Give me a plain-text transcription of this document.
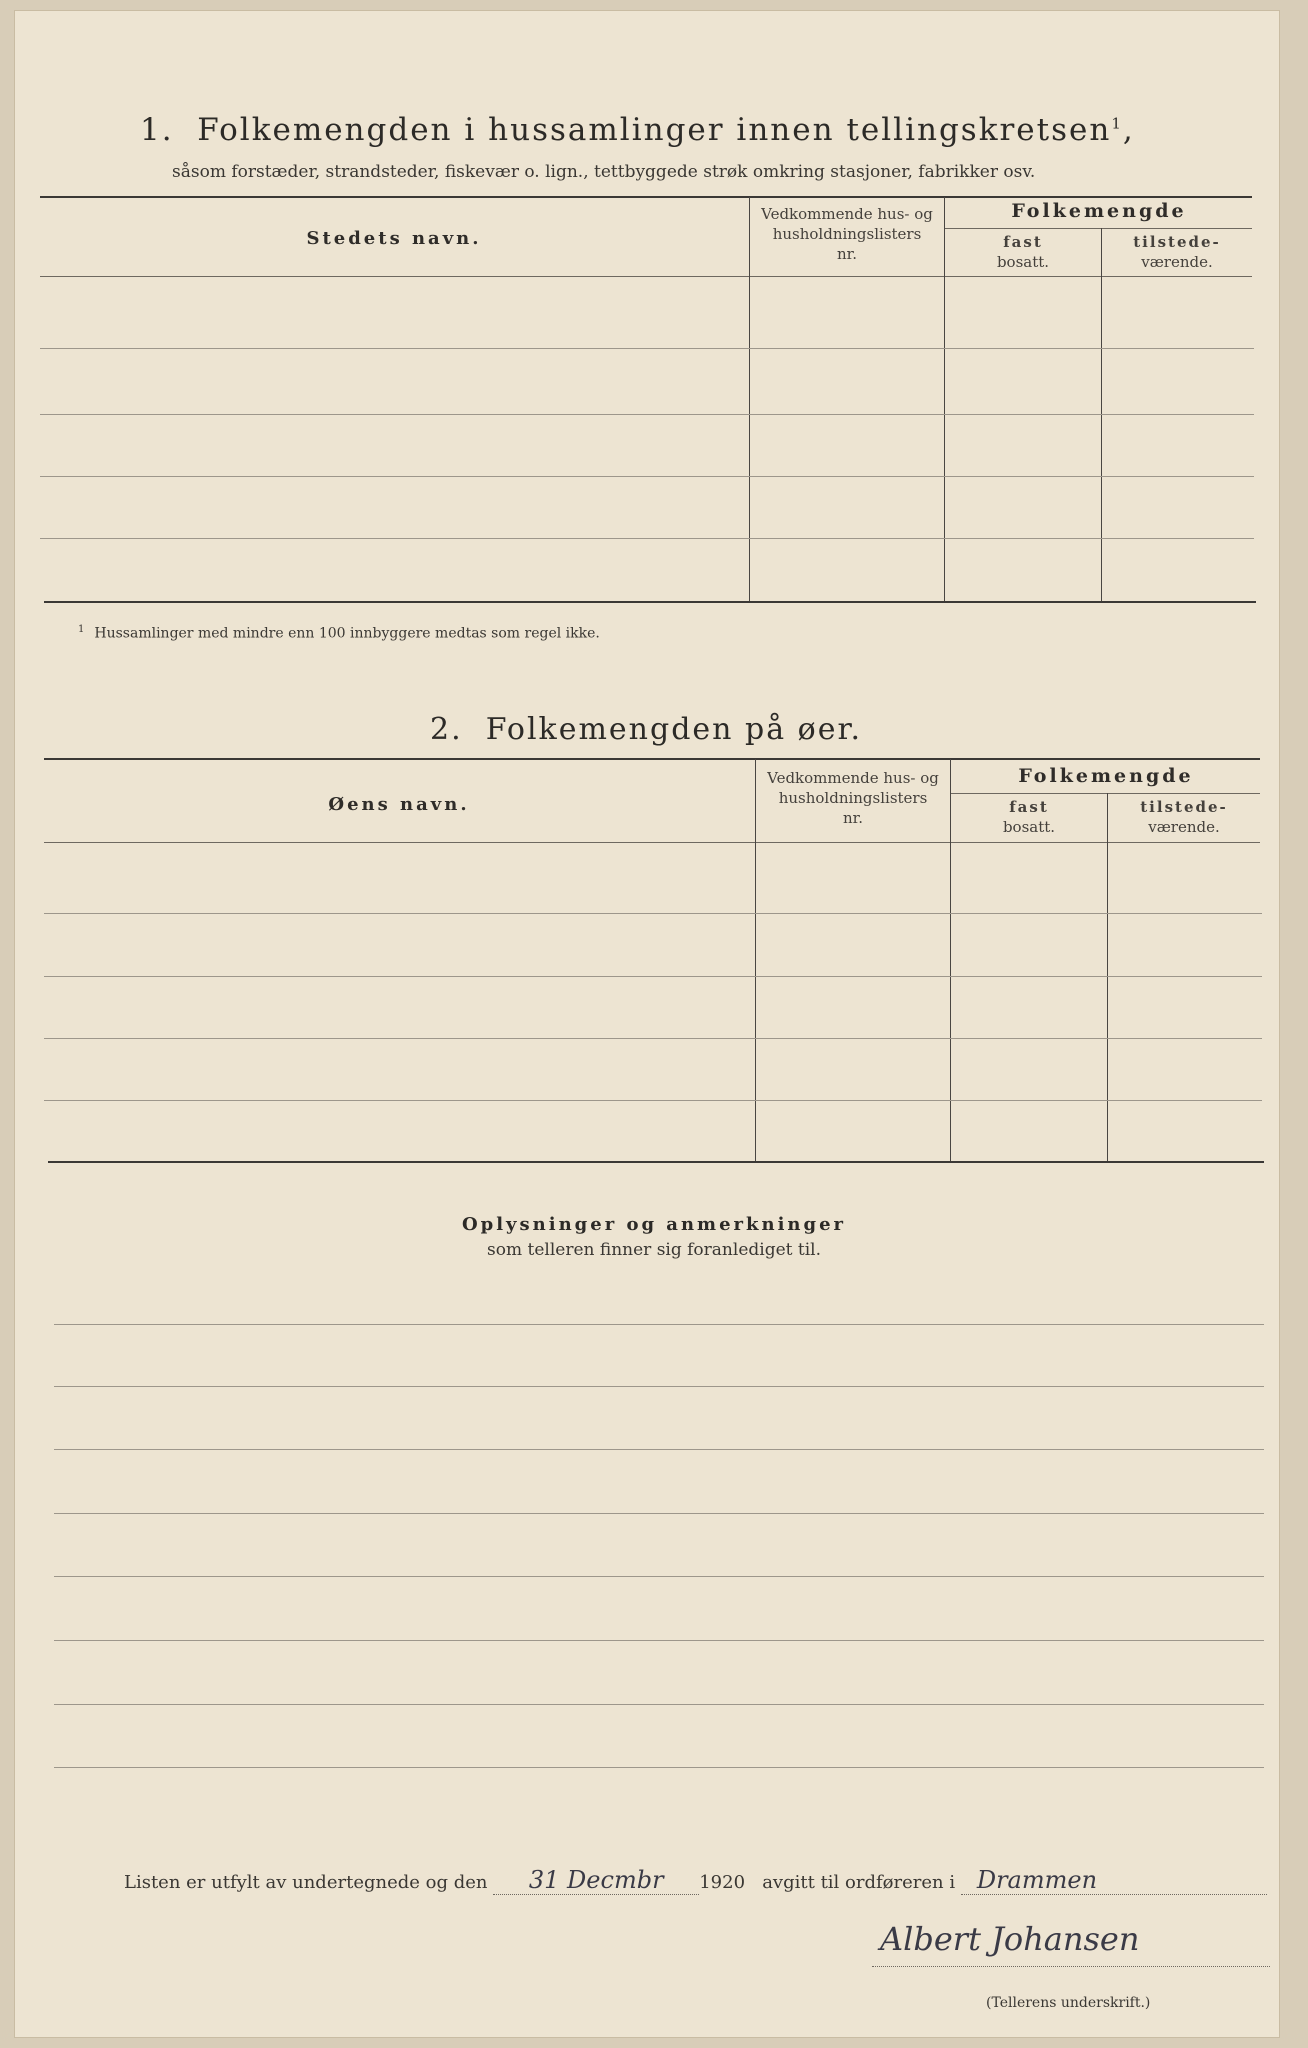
1. Folkemengden i hussamlinger innen tellingskretsen$^1$,
såsom forstæder, strandsteder, fiskevær o. lign., tettbyggede strøk omkring stasjoner, fabrikker osv.
Stedets navn.
Vedkommende hus- og
husholdningslisters
nr.
Folkemengde
fast
bosatt.
tilstede-
værende.
$^1$ Hussamlinger med mindre enn 100 innbyggere medtas som regel ikke.
2. Folkemengden på øer.
Øens navn.
Vedkommende hus- og
husholdningslisters
nr.
Folkemengde
fast
bosatt.
tilstede-
værende.
Oplysninger og anmerkninger
som telleren finner sig foranlediget til.
Listen er utfylt av undertegnede og den 31 Decmbr 1920 avgitt til ordføreren i Drammen
Albert Johansen
(Tellerens underskrift.)
